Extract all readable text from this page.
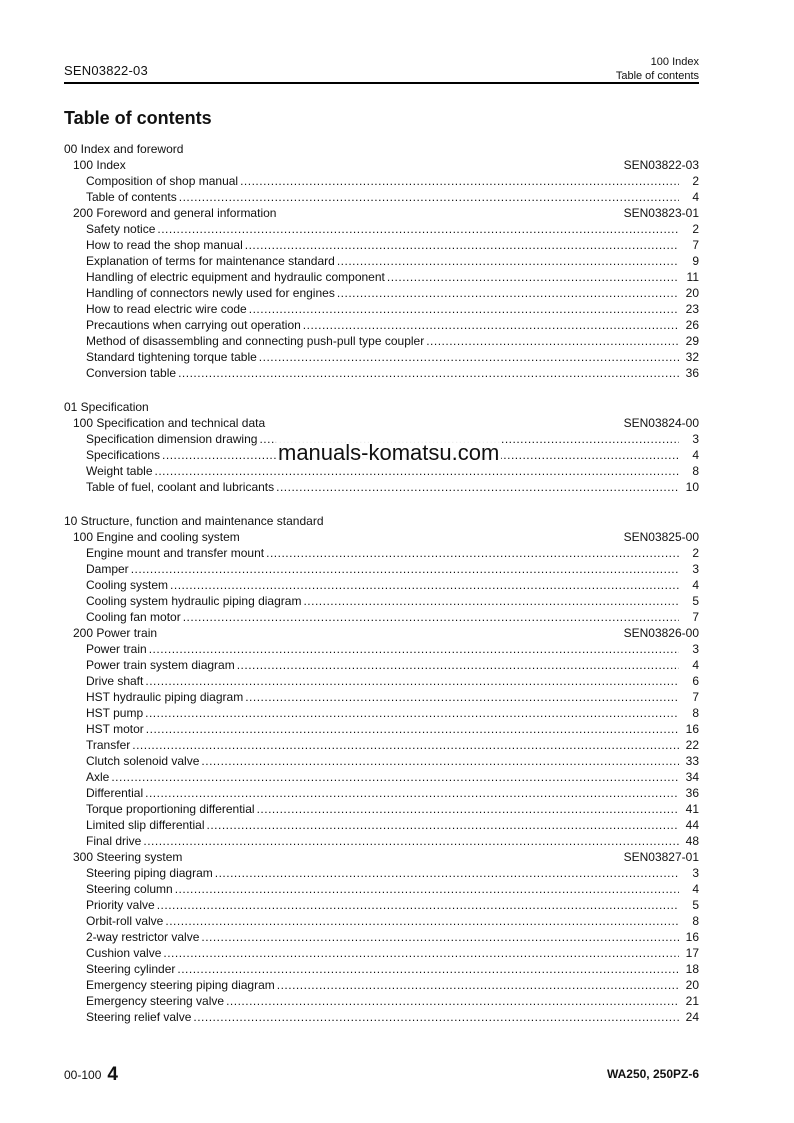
SEN03822-03
100 Index
Table of contents
Table of contents
00 Index and foreword
100 Index	SEN03822-03
Composition of shop manual .....	2
Table of contents .....	4
200 Foreword and general information	SEN03823-01
Safety notice .....	2
How to read the shop manual .....	7
Explanation of terms for maintenance standard .....	9
Handling of electric equipment and hydraulic component .....	11
Handling of connectors newly used for engines .....	20
How to read electric wire code .....	23
Precautions when carrying out operation .....	26
Method of disassembling and connecting push-pull type coupler .....	29
Standard tightening torque table .....	32
Conversion table .....	36
01 Specification
100 Specification and technical data	SEN03824-00
Specification dimension drawing .....	3
Specifications .....	4
Weight table .....	8
Table of fuel, coolant and lubricants .....	10
10 Structure, function and maintenance standard
100 Engine and cooling system	SEN03825-00
Engine mount and transfer mount .....	2
Damper .....	3
Cooling system .....	4
Cooling system hydraulic piping diagram .....	5
Cooling fan motor .....	7
200 Power train	SEN03826-00
Power train .....	3
Power train system diagram .....	4
Drive shaft .....	6
HST hydraulic piping diagram .....	7
HST pump .....	8
HST motor .....	16
Transfer .....	22
Clutch solenoid valve .....	33
Axle .....	34
Differential .....	36
Torque proportioning differential .....	41
Limited slip differential .....	44
Final drive .....	48
300 Steering system	SEN03827-01
Steering piping diagram .....	3
Steering column .....	4
Priority valve .....	5
Orbit-roll valve .....	8
2-way restrictor valve .....	16
Cushion valve .....	17
Steering cylinder .....	18
Emergency steering piping diagram .....	20
Emergency steering valve .....	21
Steering relief valve .....	24
manuals-komatsu.com
00-100 4	WA250, 250PZ-6
